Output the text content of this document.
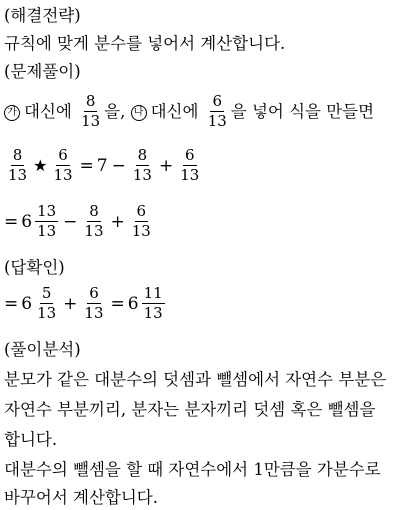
(해결전략)
규칙에 맞게 분수를 넣어서 계산합니다.
(문제풀이)
가 대신에
$\frac{8}{13}$ 을,
나 대신에
$\frac{6}{13}$ 을 넣어 식을 만들면
$\frac{8}{13}$ ★ $\frac{6}{13} = 7 - \frac{8}{13} + \frac{6}{13}$
= $6 \frac{13}{13} - \frac{8}{13} + \frac{6}{13}$
(답확인)
= $6 \frac{5}{13} + \frac{6}{13} = 6 \frac{11}{13}$
(풀이분석)
분모가 같은 대분수의 덧셈과 뺄셈에서 자연수 부분은
자연수 부분끼리, 분자는 분자끼리 덧셈 혹은 뺄셈을
합니다.
대분수의 뺄셈을 할 때 자연수에서 1만큼을 가분수로
바꾸어서 계산합니다.
